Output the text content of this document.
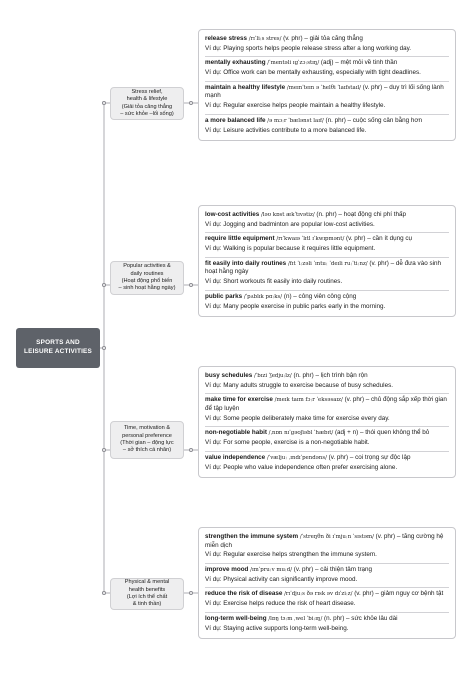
SPORTS AND
LEISURE ACTIVITIES
Stress relief,
health & lifestyle
(Giải tỏa căng thẳng
– sức khỏe –lối sống)
Popular activities &
daily routines
(Hoạt động phổ biến
– sinh hoạt hằng ngày)
Time, motivation &
personal preference
(Thời gian – động lực
– sở thích cá nhân)
Physical & mental
health benefits
(Lợi ích thể chất
& tinh thần)
release stress /rɪˈliːs stres/ (v. phr) – giải tỏa căng thẳng
Ví dụ: Playing sports helps people release stress after a long working day.
mentally exhausting /ˈmentəli ɪɡˈzɔːstɪŋ/ (adj) – mệt mỏi về tinh thần
Ví dụ: Office work can be mentally exhausting, especially with tight deadlines.
maintain a healthy lifestyle /meɪnˈteɪn ə ˈhelθi ˈlaɪfstaɪl/ (v. phr) – duy trì lối sống lành mạnh
Ví dụ: Regular exercise helps people maintain a healthy lifestyle.
a more balanced life /ə mɔːr ˈbælənst laɪf/ (n. phr) – cuộc sống cân bằng hơn
Ví dụ: Leisure activities contribute to a more balanced life.
low-cost activities /ləʊ kɒst ækˈtɪvətiz/ (n. phr) – hoạt động chi phí thấp
Ví dụ: Jogging and badminton are popular low-cost activities.
require little equipment /rɪˈkwaɪə ˈlɪtl ɪˈkwɪpmənt/ (v. phr) – cần ít dụng cụ
Ví dụ: Walking is popular because it requires little equipment.
fit easily into daily routines /fɪt ˈiːzəli ˈɪntuː ˈdeɪli ruːˈtiːnz/ (v. phr) – dễ đưa vào sinh hoạt hằng ngày
Ví dụ: Short workouts fit easily into daily routines.
public parks /ˈpʌblɪk pɑːks/ (n) – công viên công cộng
Ví dụ: Many people exercise in public parks early in the morning.
busy schedules /ˈbɪzi ˈʃedjuːlz/ (n. phr) – lịch trình bận rộn
Ví dụ: Many adults struggle to exercise because of busy schedules.
make time for exercise /meɪk taɪm fɔːr ˈeksəsaɪz/ (v. phr) – chủ động sắp xếp thời gian để tập luyện
Ví dụ: Some people deliberately make time for exercise every day.
non-negotiable habit /ˌnɒn nɪˈɡəʊʃiəbl ˈhæbɪt/ (adj + n) – thói quen không thể bỏ
Ví dụ: For some people, exercise is a non-negotiable habit.
value independence /ˈvæljuː ˌɪndɪˈpendəns/ (v. phr) – coi trọng sự độc lập
Ví dụ: People who value independence often prefer exercising alone.
strengthen the immune system /ˈstreŋθn ði ɪˈmjuːn ˈsɪstəm/ (v. phr) – tăng cường hệ miễn dịch
Ví dụ: Regular exercise helps strengthen the immune system.
improve mood /ɪmˈpruːv muːd/ (v. phr) – cải thiện tâm trạng
Ví dụ: Physical activity can significantly improve mood.
reduce the risk of disease /rɪˈdjuːs ðə rɪsk əv dɪˈziːz/ (v. phr) – giảm nguy cơ bệnh tật
Ví dụ: Exercise helps reduce the risk of heart disease.
long-term well-being /lɒŋ tɜːm ˌwel ˈbiːɪŋ/ (n. phr) – sức khỏe lâu dài
Ví dụ: Staying active supports long-term well-being.
